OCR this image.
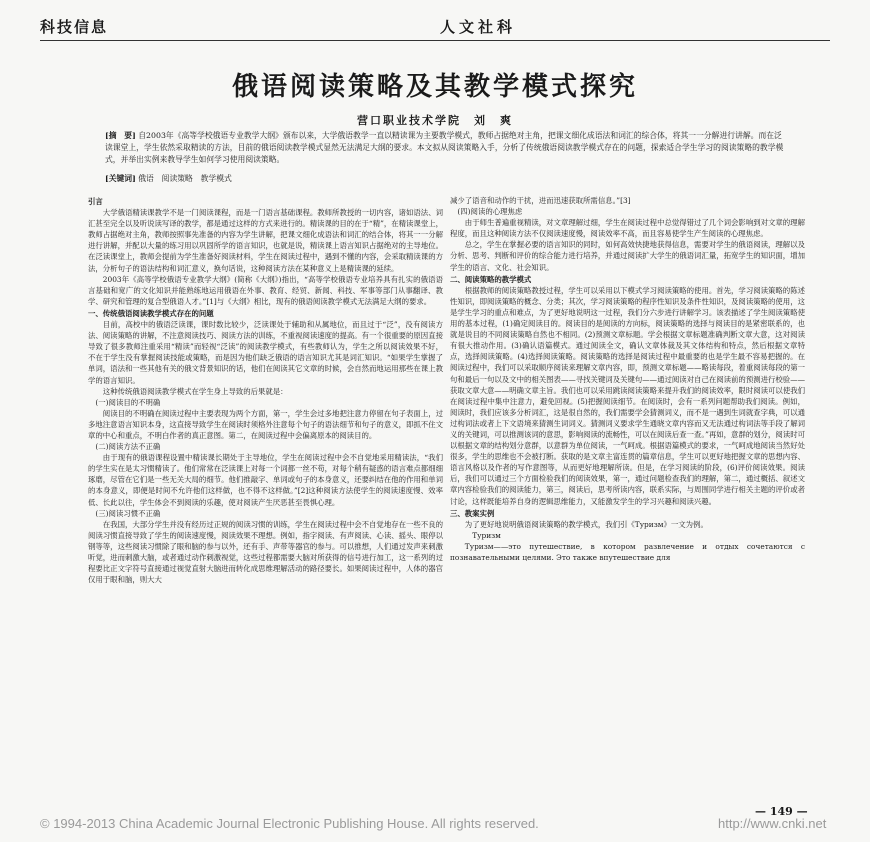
科技信息	人文社科
俄语阅读策略及其教学模式探究
营口职业技术学院　刘　爽
[摘　要] 自2003年《高等学校俄语专业教学大纲》颁布以来，大学俄语教学一直以精读课为主要教学模式，教师占据绝对主角，把课文细化成语法和词汇的综合体，将其一一分解进行讲解。而在泛读课堂上，学生依然采取精读的方法，目前的俄语阅读教学模式显然无法满足大纲的要求。本文拟从阅读策略入手，分析了传统俄语阅读教学模式存在的问题，探索适合学生学习的阅读策略的教学模式，并举出实例来教导学生如何学习使用阅读策略。
[关键词] 俄语　阅读策略　教学模式

引言

大学俄语精读课教学不是一门阅读课程，而是一门语言基础课程。教师所教授的一切内容，诸如语法、词汇甚至完全以及听说读写译的教学，都是通过这样的方式来进行的。精读课的目的在于“精”，在精读课堂上，教师占据绝对主角，教师按照事先准备的内容为学生讲解，把课文细化成语法和词汇的结合体，将其一一分解进行讲解，并配以大量的练习用以巩固所学的语言知识，也就是说，精读课上语言知识占据绝对的主导地位。在泛读课堂上，教师会提前为学生准备好阅读材料，学生在阅读过程中，遇到不懂的内容，会采取精读课的方法，分析句子的语法结构和词汇意义，换句话说，这种阅读方法在某种意义上是精读课的延续。

2003年《高等学校俄语专业教学大纲》(简称《大纲》)指出，“高等学校俄语专业培养具有扎实的俄语语言基础和宽广的文化知识并能熟练地运用俄语在外事、教育、经贸、新闻、科技、军事等部门从事翻译、教学、研究和管理的复合型俄语人才。”[1]与《大纲》相比，现有的俄语阅读教学模式无法满足大纲的要求。

一、传统俄语阅读教学模式存在的问题

目前，高校中的俄语泛读课，课时数比较少，泛读课处于辅助和从属地位，而且过于“泛”，没有阅读方法、阅读策略的讲解，不注意阅读技巧、阅读方法的训练，不重视阅读速度的提高。有一个很重要的原因直接导致了很多教师注重采用“精读”而轻视“泛读”的阅读教学模式，有些教师认为，学生之所以阅读效果不好，不在于学生没有掌握阅读技能或策略，而是因为他们缺乏俄语的语言知识尤其是词汇知识。“如果学生掌握了单词，语法和一些其他有关的俄文背景知识的话，他们在阅读其它文章的时候，会自然而地运用那些在课上教学的语言知识。

这种传统俄语阅读教学模式在学生身上导致的后果就是：

(一)阅读目的不明确

阅读目的不明确在阅读过程中主要表现为两个方面，第一，学生会过多地把注意力停留在句子表面上，过多地注意语言知识本身，这直接导致学生在阅读时须格外注意每个句子的语法细节和句子的意义，即抓不住文章的中心和重点，不明白作者的真正意图。第二，在阅读过程中会偏离原本的阅读目的。

(二)阅读方法不正确

由于现有的俄语课程设置中精读课长期处于主导地位，学生在阅读过程中会不自觉地采用精读法，“我们的学生实在是太习惯精读了。他们常常在泛读课上对每一个词都一丝不苟，对每个稍有疑惑的语言难点都细细琢磨，尽管在它们是一些无关大局的细节。他们推敲字、单词或句子的本身意义，还要纠结在他的作用和单词的本身意义，即便是时间不允许他们这样做，也不得不这样做。”[2]这种阅读方法使学生的阅读速度慢、效率低、长此以往，学生体会不到阅读的乐趣，使对阅读产生厌恶甚至畏惧心理。

(三)阅读习惯不正确

在我国，大部分学生并没有经历过正规的阅读习惯的训练，学生在阅读过程中会不自觉地存在一些不良的阅读习惯直接导致了学生的阅读速度慢，阅读效果不理想。例如，指字阅读、有声阅读、心读、摇头、眼停以钢等等，这些阅读习惯除了眼和脑的参与以外，还有手、声带等器官的参与。可以推想，人们通过发声来刺激听觉，进而刺激大脑，或者通过动作刺激视觉，这些过程都需要大脑对所获得的信号进行加工，这一系列的过程要比正文字符号直接通过视觉直射大脑进而转化成思维理解活动的路径要长。如果阅读过程中，人体的器官仅用于眼和脑，则大大

减少了语音和动作的干扰，进而迅速获取所需信息。”[3]

(四)阅读的心理焦虑

由于师生普遍重视精读，对文章理解过细，学生在阅读过程中总觉得错过了几个词会影响到对文章的理解程度，而且这种阅读方法不仅阅读速度慢，阅读效率不高，而且容易使学生产生阅读的心理焦虑。

总之，学生在掌握必要的语言知识的同时，如何高效快捷地获得信息，需要对学生的俄语阅读，理解以及分析、思考、判断和评价的综合能力进行培养，并通过阅读扩大学生的俄语词汇量，拓宽学生的知识面，增加学生的语言、文化、社会知识。

二、阅读策略的教学模式

根据教师的阅读策略教授过程，学生可以采用以下模式学习阅读策略的使用。首先，学习阅读策略的陈述性知识，即阅读策略的概念、分类；其次，学习阅读策略的程序性知识及条件性知识，及阅读策略的使用，这是学生学习的重点和难点，为了更好地说明这一过程，我们分六步进行讲解学习。该表描述了学生阅读策略使用的基本过程，(1)确定阅读目的。阅读目的是阅读的方向标，阅读策略的选择与阅读目的是紧密联系的，也就是说目的不同阅读策略自然也不相同。(2)预测文章标题。学会根据文章标题准确判断文章大意，这对阅读有很大推动作用。(3)确认语篇模式。通过阅读全文，确认文章体裁及其文体结构和特点，然后根据文章特点，选择阅读策略。(4)选择阅读策略。阅读策略的选择是阅读过程中最重要的也是学生最不容易把握的。在阅读过程中，我们可以采取顺序阅读来理解文章内容，即，预测文章标题——略读每段，着重阅读每段的第一句和最后一句以及文中的相关图表——寻找关键词及关键句——通过阅读对自己在阅读前的预测进行校验——获取文章大意——明确文章主旨。我们也可以采用跳读阅读策略来提升我们的阅读效率，限时阅读可以使我们在阅读过程中集中注意力，避免回视。(5)把握阅读细节。在阅读时，会有一系列问题帮助我们阅读。例如，阅读时，我们应该多分析词汇，这是很自然的，我们需要学会猜测词义，而不是一遇到生词就查字典，可以通过构词法或者上下文语境来猜测生词词义。猜测词义要求学生通晓文章内容而又无法通过构词法等手段了解词义的关键词，可以推测该词的意思，影响阅读的流畅性，可以在阅读后查一查。”再如，意群的划分，阅读时可以根据文章的结构划分意群，以意群为单位阅读，一气呵成。根据语篇模式的要求，一气呵成地阅读当然好处很多，学生的思维也不会被打断。获取的是文章主富连贯的篇章信息，学生可以更好地把握文章的思想内容、语言风格以及作者的写作意图等，从而更好地理解所读。但是，在学习阅读的阶段，(6)评价阅读效果。阅读后，我们可以通过三个方面检验我们的阅读效果，第一，通过问题检查我们的理解，第二，通过概括、叙述文章内容检验我们的阅读能力，第三，阅读后，思考所读内容，联系实际，与周围同学进行相关主题的评价或者讨论，这样既能培养自身的逻辑思维能力，又能激发学生的学习兴趣和阅读兴趣。

三、教案实例

为了更好地说明俄语阅读策略的教学模式，我们引《Туризм》一文为例。

Туризм

Туризм——это путешествие, в котором развлечение и отдых сочетаются с познавательными целями. Это также впутешествие для

— 149 —
© 1994-2013 China Academic Journal Electronic Publishing House. All rights reserved.	http://www.cnki.net
